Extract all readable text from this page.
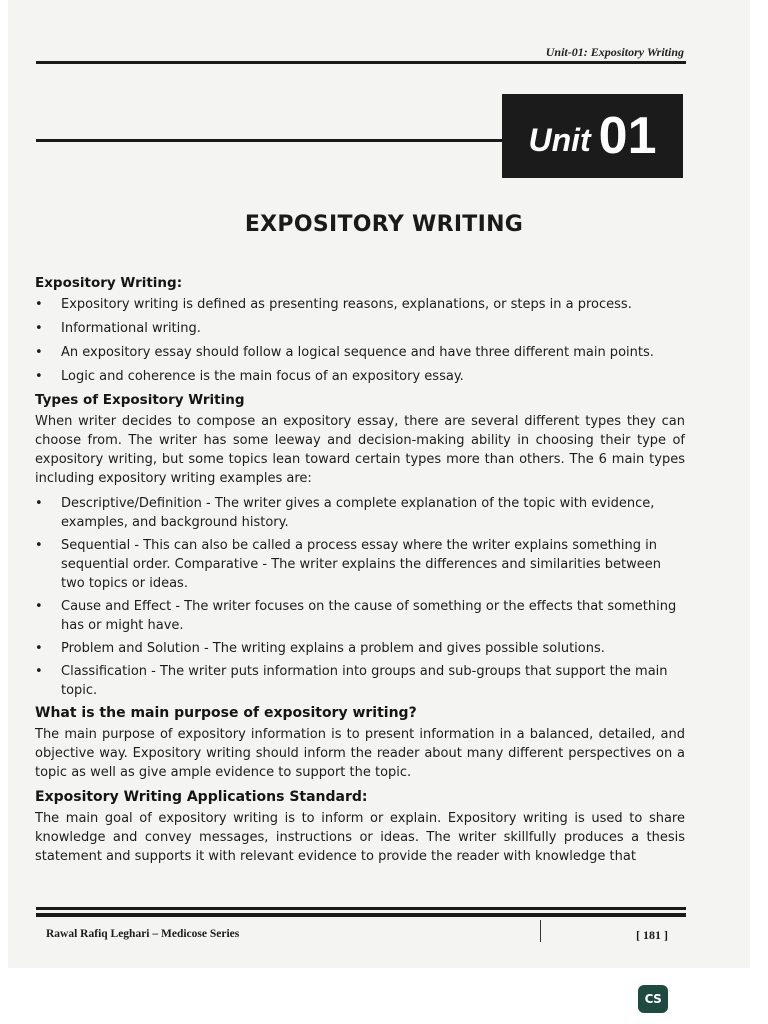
Unit-01: Expository Writing
Unit 01
EXPOSITORY WRITING
Expository Writing:
• Expository writing is defined as presenting reasons, explanations, or steps in a process.
• Informational writing.
• An expository essay should follow a logical sequence and have three different main points.
• Logic and coherence is the main focus of an expository essay.
Types of Expository Writing

When writer decides to compose an expository essay, there are several different types they can choose from. The writer has some leeway and decision-making ability in choosing their type of expository writing, but some topics lean toward certain types more than others. The 6 main types including expository writing examples are:

• Descriptive/Definition - The writer gives a complete explanation of the topic with evidence, examples, and background history.
• Sequential - This can also be called a process essay where the writer explains something in sequential order. Comparative - The writer explains the differences and similarities between two topics or ideas.
• Cause and Effect - The writer focuses on the cause of something or the effects that something has or might have.
• Problem and Solution - The writing explains a problem and gives possible solutions.
• Classification - The writer puts information into groups and sub-groups that support the main topic.
What is the main purpose of expository writing?

The main purpose of expository information is to present information in a balanced, detailed, and objective way. Expository writing should inform the reader about many different perspectives on a topic as well as give ample evidence to support the topic.

Expository Writing Applications Standard:

The main goal of expository writing is to inform or explain. Expository writing is used to share knowledge and convey messages, instructions or ideas. The writer skillfully produces a thesis statement and supports it with relevant evidence to provide the reader with knowledge that

Rawal Rafiq Leghari – Medicose Series	[ 181 ]
CS
